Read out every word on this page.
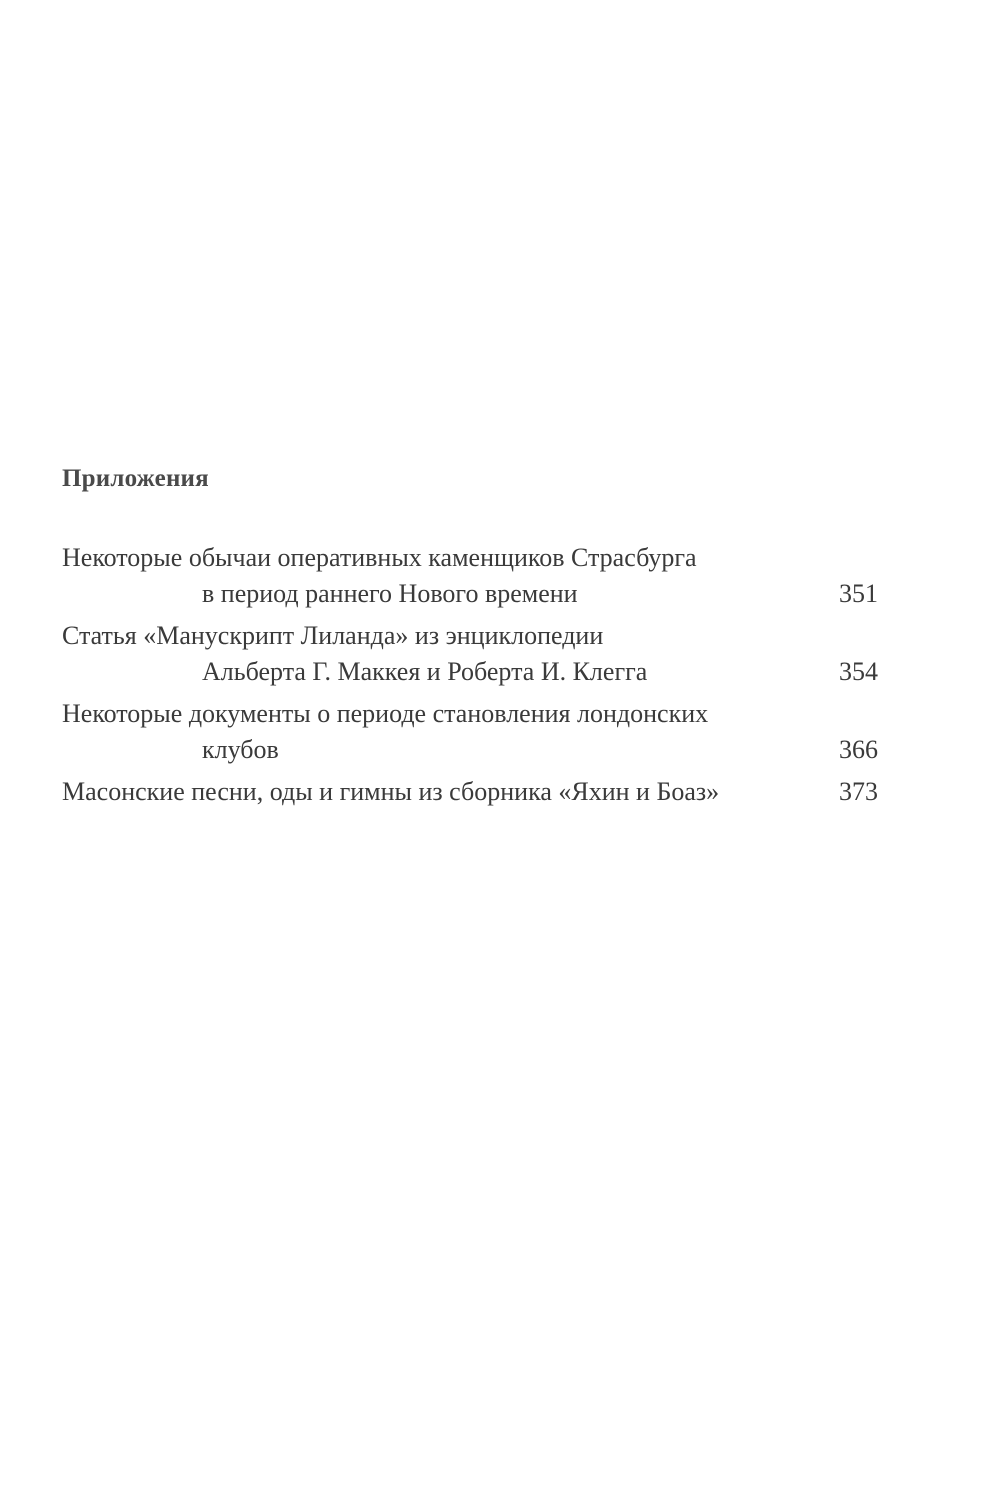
Приложения
Некоторые обычаи оперативных каменщиков Страсбурга
в период раннего Нового времени	351
Статья «Манускрипт Лиланда» из энциклопедии
Альберта Г. Маккея и Роберта И. Клегга	354
Некоторые документы о периоде становления лондонских
клубов	366
Масонские песни, оды и гимны из сборника «Яхин и Боаз»	373
